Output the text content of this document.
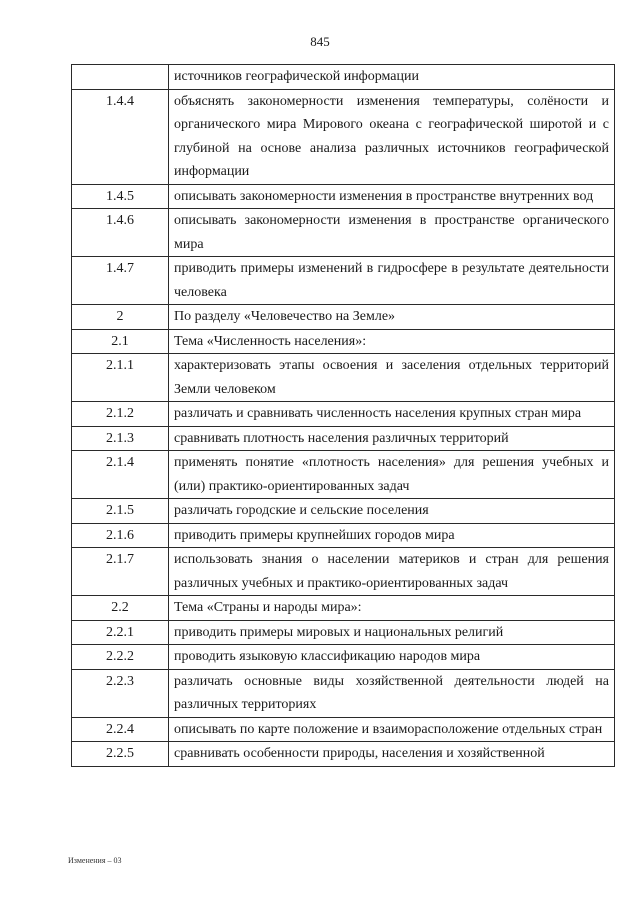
845
	источников географической информации
1.4.4	объяснять закономерности изменения температуры, солёности и органического мира Мирового океана с географической широтой и с глубиной на основе анализа различных источников географической информации
1.4.5	описывать закономерности изменения в пространстве внутренних вод
1.4.6	описывать закономерности изменения в пространстве органического мира
1.4.7	приводить примеры изменений в гидросфере в результате деятельности человека
2	По разделу «Человечество на Земле»
2.1	Тема «Численность населения»:
2.1.1	характеризовать этапы освоения и заселения отдельных территорий Земли человеком
2.1.2	различать и сравнивать численность населения крупных стран мира
2.1.3	сравнивать плотность населения различных территорий
2.1.4	применять понятие «плотность населения» для решения учебных и (или) практико-ориентированных задач
2.1.5	различать городские и сельские поселения
2.1.6	приводить примеры крупнейших городов мира
2.1.7	использовать знания о населении материков и стран для решения различных учебных и практико-ориентированных задач
2.2	Тема «Страны и народы мира»:
2.2.1	приводить примеры мировых и национальных религий
2.2.2	проводить языковую классификацию народов мира
2.2.3	различать основные виды хозяйственной деятельности людей на различных территориях
2.2.4	описывать по карте положение и взаиморасположение отдельных стран
2.2.5	сравнивать особенности природы, населения и хозяйственной
Изменения – 03
